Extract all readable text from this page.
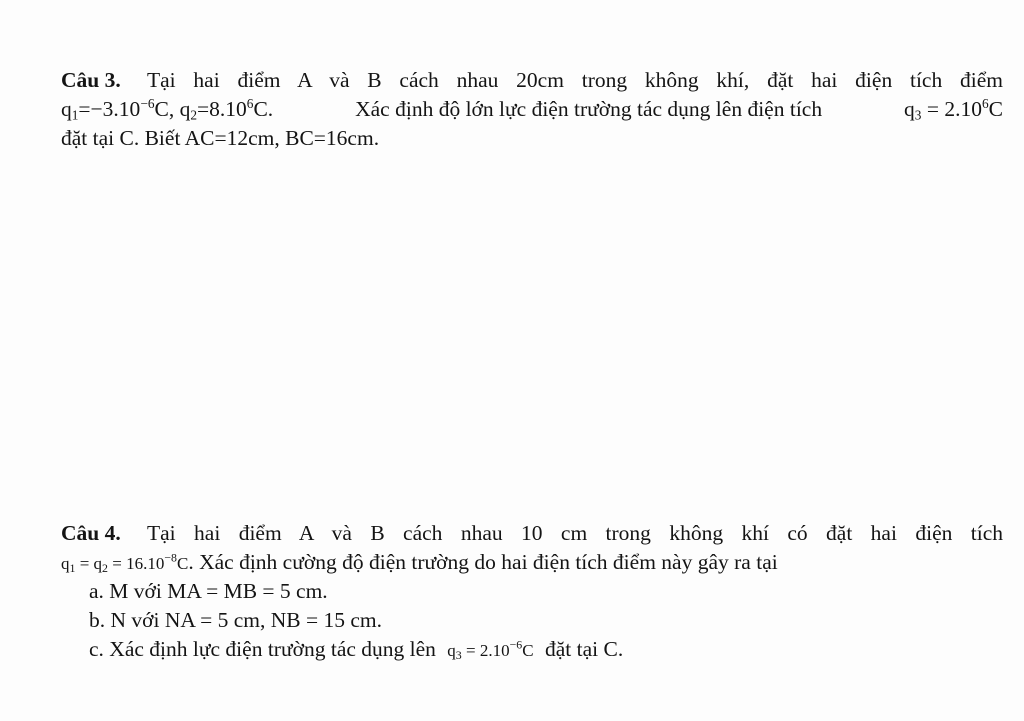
Câu 3. Tại hai điểm A và B cách nhau 20cm trong không khí, đặt hai điện tích điểm
$q_1=-3.10^{-6}C$, $q_2=8.10^6C$.	Xác định độ lớn lực điện trường tác dụng lên điện tích	$q_3 = 2.10^6C$
đặt tại C. Biết AC=12cm, BC=16cm.
Câu 4. Tại hai điểm A và B cách nhau 10 cm trong không khí có đặt hai điện tích
$q_1 = q_2 = 16.10^{-8}C$. Xác định cường độ điện trường do hai điện tích điểm này gây ra tại
a. M với MA = MB = 5 cm.
b. N với NA = 5 cm, NB = 15 cm.
c. Xác định lực điện trường tác dụng lên $q_3 = 2.10^{-6}C$ đặt tại C.
